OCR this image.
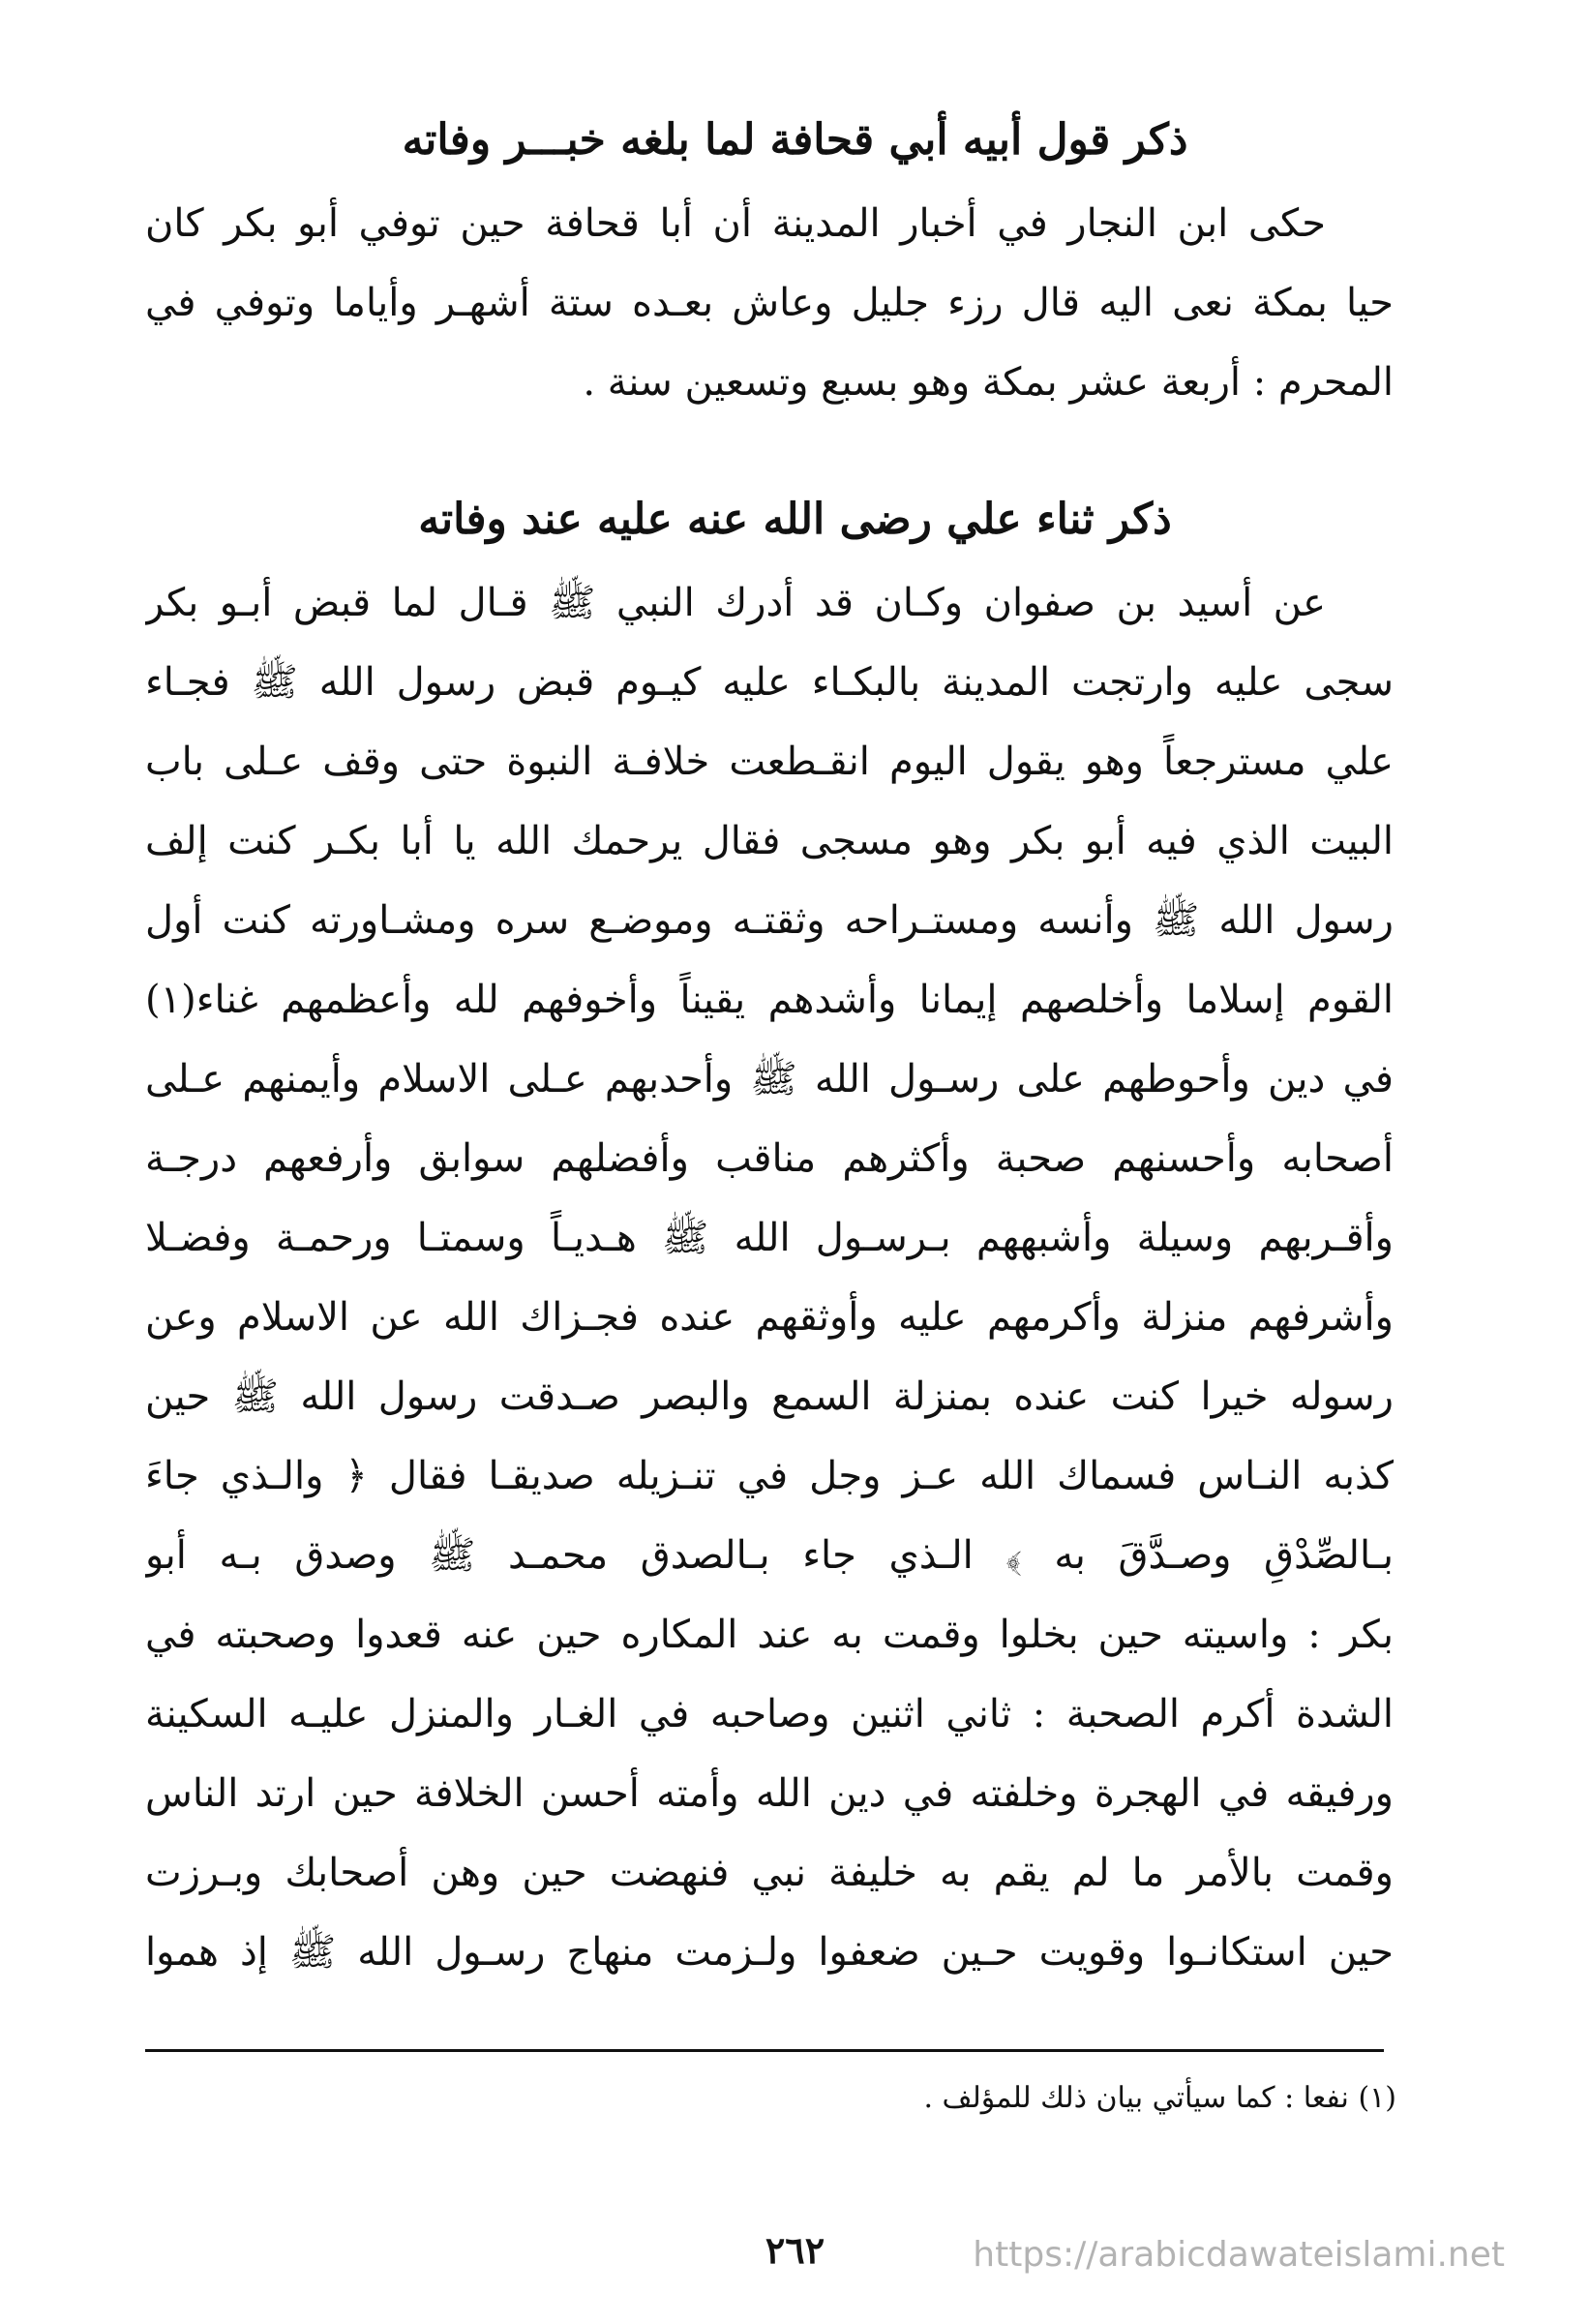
ذكر قول أبيه أبي قحافة لما بلغه خبـــر وفاته
حكى ابن النجار في أخبار المدينة أن أبا قحافة حين توفي أبو بكر كان
حيا بمكة نعى اليه قال رزء جليل وعاش بعـده ستة أشهـر وأياما وتوفي في
المحرم : أربعة عشر بمكة وهو بسبع وتسعين سنة .
ذكر ثناء علي رضى الله عنه عليه عند وفاته
عن أسيد بن صفوان وكـان قد أدرك النبي ﷺ قـال لما قبض أبـو بكر
سجى عليه وارتجت المدينة بالبكـاء عليه كيـوم قبض رسول الله ﷺ فجـاء
علي مسترجعاً وهو يقول اليوم انقـطعت خلافـة النبوة حتى وقف عـلى باب
البيت الذي فيه أبو بكر وهو مسجى فقال يرحمك الله يا أبا بكـر كنت إلف
رسول الله ﷺ وأنسه ومستـراحه وثقتـه وموضـع سره ومشـاورته كنت أول
القوم إسلاما وأخلصهم إيمانا وأشدهم يقيناً وأخوفهم لله وأعظمهم غناء(١)
في دين وأحوطهم على رسـول الله ﷺ وأحدبهم عـلى الاسلام وأيمنهم عـلى
أصحابه وأحسنهم صحبة وأكثرهم مناقب وأفضلهم سوابق وأرفعهم درجـة
وأقـربهم وسيلة وأشبههم بـرسـول الله ﷺ هـديـاً وسمتـا ورحمـة وفضـلا
وأشرفهم منزلة وأكرمهم عليه وأوثقهم عنده فجـزاك الله عن الاسلام وعن
رسوله خيرا كنت عنده بمنزلة السمع والبصر صـدقت رسول الله ﷺ حين
كذبه النـاس فسماك الله عـز وجل في تنـزيله صديقـا فقال ﴿ والـذي جاءَ
بـالصِّدْقِ وصـدَّقَ به ﴾ الـذي جاء بـالصدق محمـد ﷺ وصدق بـه أبو
بكر : واسيته حين بخلوا وقمت به عند المكاره حين عنه قعدوا وصحبته في
الشدة أكرم الصحبة : ثاني اثنين وصاحبه في الغـار والمنزل عليـه السكينة
ورفيقه في الهجرة وخلفته في دين الله وأمته أحسن الخلافة حين ارتد الناس
وقمت بالأمر ما لم يقم به خليفة نبي فنهضت حين وهن أصحابك وبـرزت
حين استكانـوا وقويت حـين ضعفوا ولـزمت منهاج رسـول الله ﷺ إذ هموا
(١) نفعا : كما سيأتي بيان ذلك للمؤلف .
٢٦٢	https://arabicdawateislami.net
